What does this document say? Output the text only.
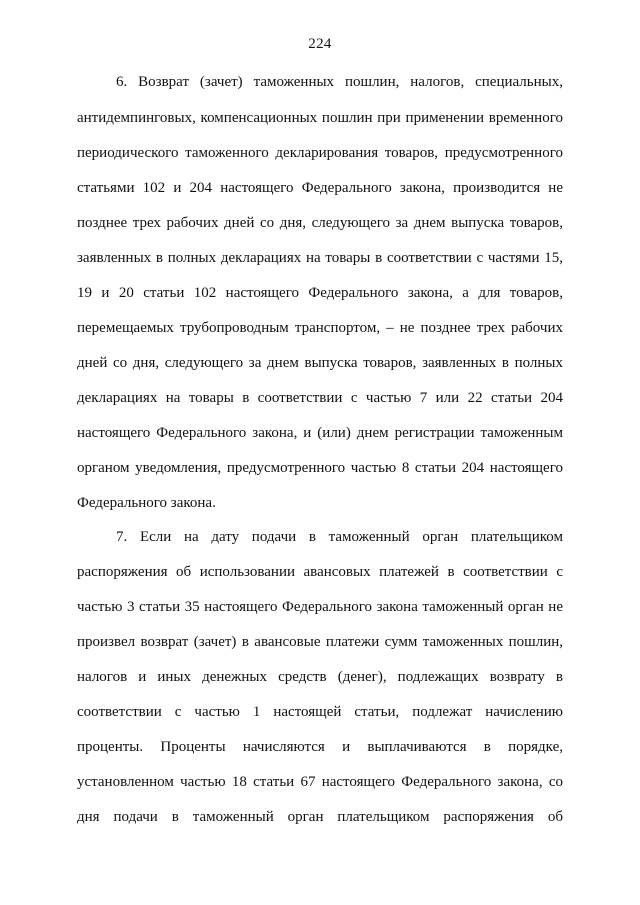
224
6. Возврат (зачет) таможенных пошлин, налогов, специальных,
антидемпинговых, компенсационных пошлин при применении временного
периодического таможенного декларирования товаров, предусмотренного
статьями 102 и 204 настоящего Федерального закона, производится не
позднее трех рабочих дней со дня, следующего за днем выпуска товаров,
заявленных в полных декларациях на товары в соответствии с частями 15,
19 и 20 статьи 102 настоящего Федерального закона, а для товаров,
перемещаемых трубопроводным транспортом, – не позднее трех рабочих
дней со дня, следующего за днем выпуска товаров, заявленных в полных
декларациях на товары в соответствии с частью 7 или 22 статьи 204
настоящего Федерального закона, и (или) днем регистрации таможенным
органом уведомления, предусмотренного частью 8 статьи 204 настоящего
Федерального закона.
7. Если на дату подачи в таможенный орган плательщиком
распоряжения об использовании авансовых платежей в соответствии с
частью 3 статьи 35 настоящего Федерального закона таможенный орган не
произвел возврат (зачет) в авансовые платежи сумм таможенных пошлин,
налогов и иных денежных средств (денег), подлежащих возврату в
соответствии с частью 1 настоящей статьи, подлежат начислению
проценты. Проценты начисляются и выплачиваются в порядке,
установленном частью 18 статьи 67 настоящего Федерального закона, со
дня подачи в таможенный орган плательщиком распоряжения об
